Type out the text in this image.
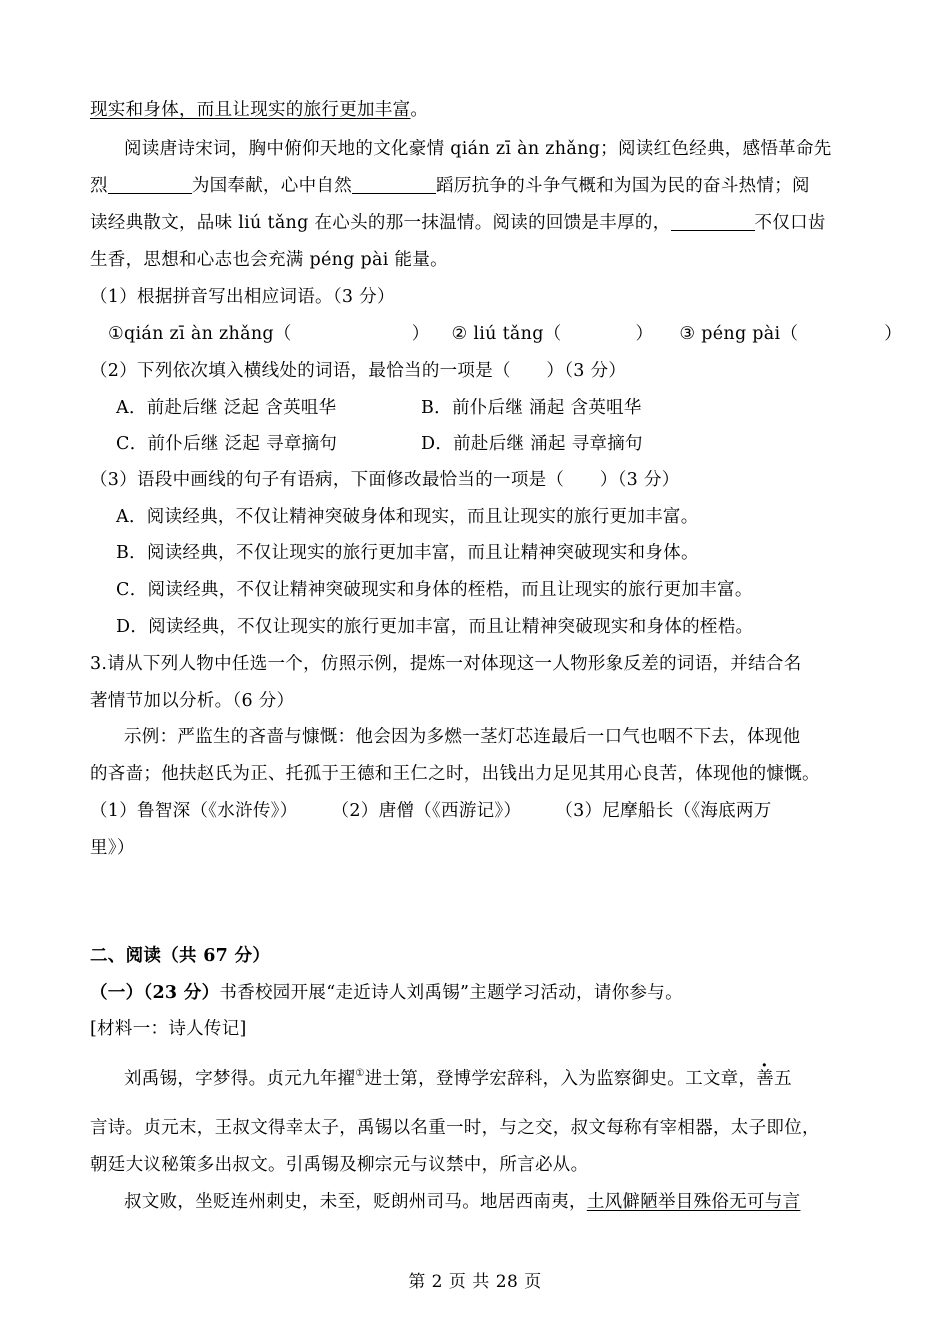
现实和身体，而且让现实的旅行更加丰富。
阅读唐诗宋词，胸中俯仰天地的文化豪情 qián zī àn zhǎng；阅读红色经典，感悟革命先
烈	为国奉献，心中自然	蹈厉抗争的斗争气概和为国为民的奋斗热情；阅
读经典散文，品味 liú tǎng 在心头的那一抹温情。阅读的回馈是丰厚的，	不仅口齿
生香，思想和心志也会充满 péng pài 能量。
（1）根据拼音写出相应词语。（3 分）
①qián zī àn zhǎng（	） ② liú tǎng（	） ③ péng pài（	）
（2）下列依次填入横线处的词语，最恰当的一项是（　　）（3 分）
A．前赴后继 泛起 含英咀华	B．前仆后继 涌起 含英咀华
C．前仆后继 泛起 寻章摘句	D．前赴后继 涌起 寻章摘句
（3）语段中画线的句子有语病，下面修改最恰当的一项是（　　）（3 分）
A．阅读经典，不仅让精神突破身体和现实，而且让现实的旅行更加丰富。
B．阅读经典，不仅让现实的旅行更加丰富，而且让精神突破现实和身体。
C．阅读经典，不仅让精神突破现实和身体的桎梏，而且让现实的旅行更加丰富。
D．阅读经典，不仅让现实的旅行更加丰富，而且让精神突破现实和身体的桎梏。
3.请从下列人物中任选一个，仿照示例，提炼一对体现这一人物形象反差的词语，并结合名
著情节加以分析。（6 分）
示例：严监生的吝啬与慷慨：他会因为多燃一茎灯芯连最后一口气也咽不下去，体现他
的吝啬；他扶赵氏为正、托孤于王德和王仁之时，出钱出力足见其用心良苦，体现他的慷慨。
（1）鲁智深（《水浒传》） （2）唐僧（《西游记》） （3）尼摩船长（《海底两万
里》）
二、阅读（共 67 分）
（一）（23 分）书香校园开展“走近诗人刘禹锡”主题学习活动，请你参与。
[材料一：诗人传记]
刘禹锡，字梦得。贞元九年擢①进士第，登博学宏辞科，入为监察御史。工文章，善五
言诗。贞元末，王叔文得幸太子，禹锡以名重一时，与之交，叔文每称有宰相器，太子即位，
朝廷大议秘策多出叔文。引禹锡及柳宗元与议禁中，所言必从。
叔文败，坐贬连州刺史，未至，贬朗州司马。地居西南夷，土风僻陋举目殊俗无可与言
第 2 页 共 28 页
